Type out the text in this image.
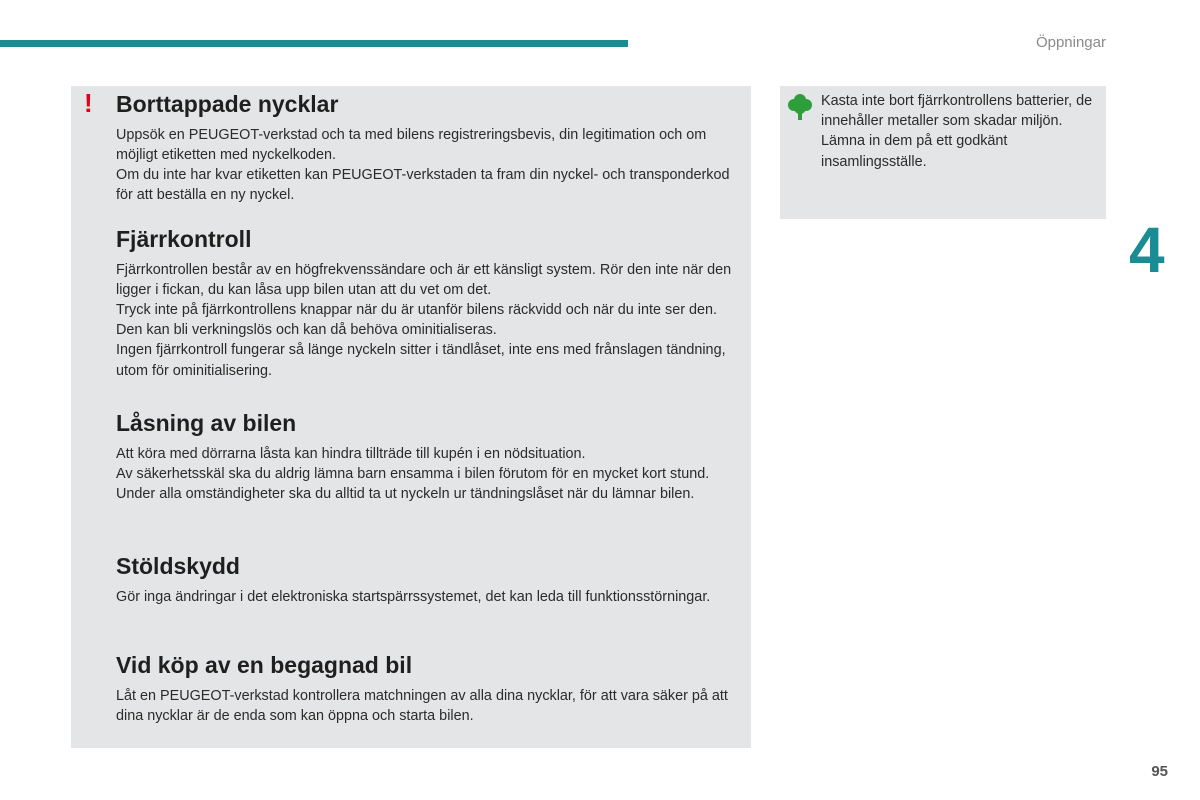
Öppningar
4
! Borttappade nycklar

Uppsök en PEUGEOT-verkstad och ta med bilens registreringsbevis, din legitimation och om möjligt etiketten med nyckelkoden.

Om du inte har kvar etiketten kan PEUGEOT-verkstaden ta fram din nyckel- och transponderkod för att beställa en ny nyckel.

Fjärrkontroll

Fjärrkontrollen består av en högfrekvenssändare och är ett känsligt system. Rör den inte när den ligger i fickan, du kan låsa upp bilen utan att du vet om det.

Tryck inte på fjärrkontrollens knappar när du är utanför bilens räckvidd och när du inte ser den. Den kan bli verkningslös och kan då behöva ominitialiseras.

Ingen fjärrkontroll fungerar så länge nyckeln sitter i tändlåset, inte ens med frånslagen tändning, utom för ominitialisering.

Låsning av bilen

Att köra med dörrarna låsta kan hindra tillträde till kupén i en nödsituation.

Av säkerhetsskäl ska du aldrig lämna barn ensamma i bilen förutom för en mycket kort stund.

Under alla omständigheter ska du alltid ta ut nyckeln ur tändningslåset när du lämnar bilen.

Stöldskydd

Gör inga ändringar i det elektroniska startspärrssystemet, det kan leda till funktionsstörningar.

Vid köp av en begagnad bil

Låt en PEUGEOT-verkstad kontrollera matchningen av alla dina nycklar, för att vara säker på att dina nycklar är de enda som kan öppna och starta bilen.

Kasta inte bort fjärrkontrollens batterier, de innehåller metaller som skadar miljön.

Lämna in dem på ett godkänt insamlingsställe.

95
